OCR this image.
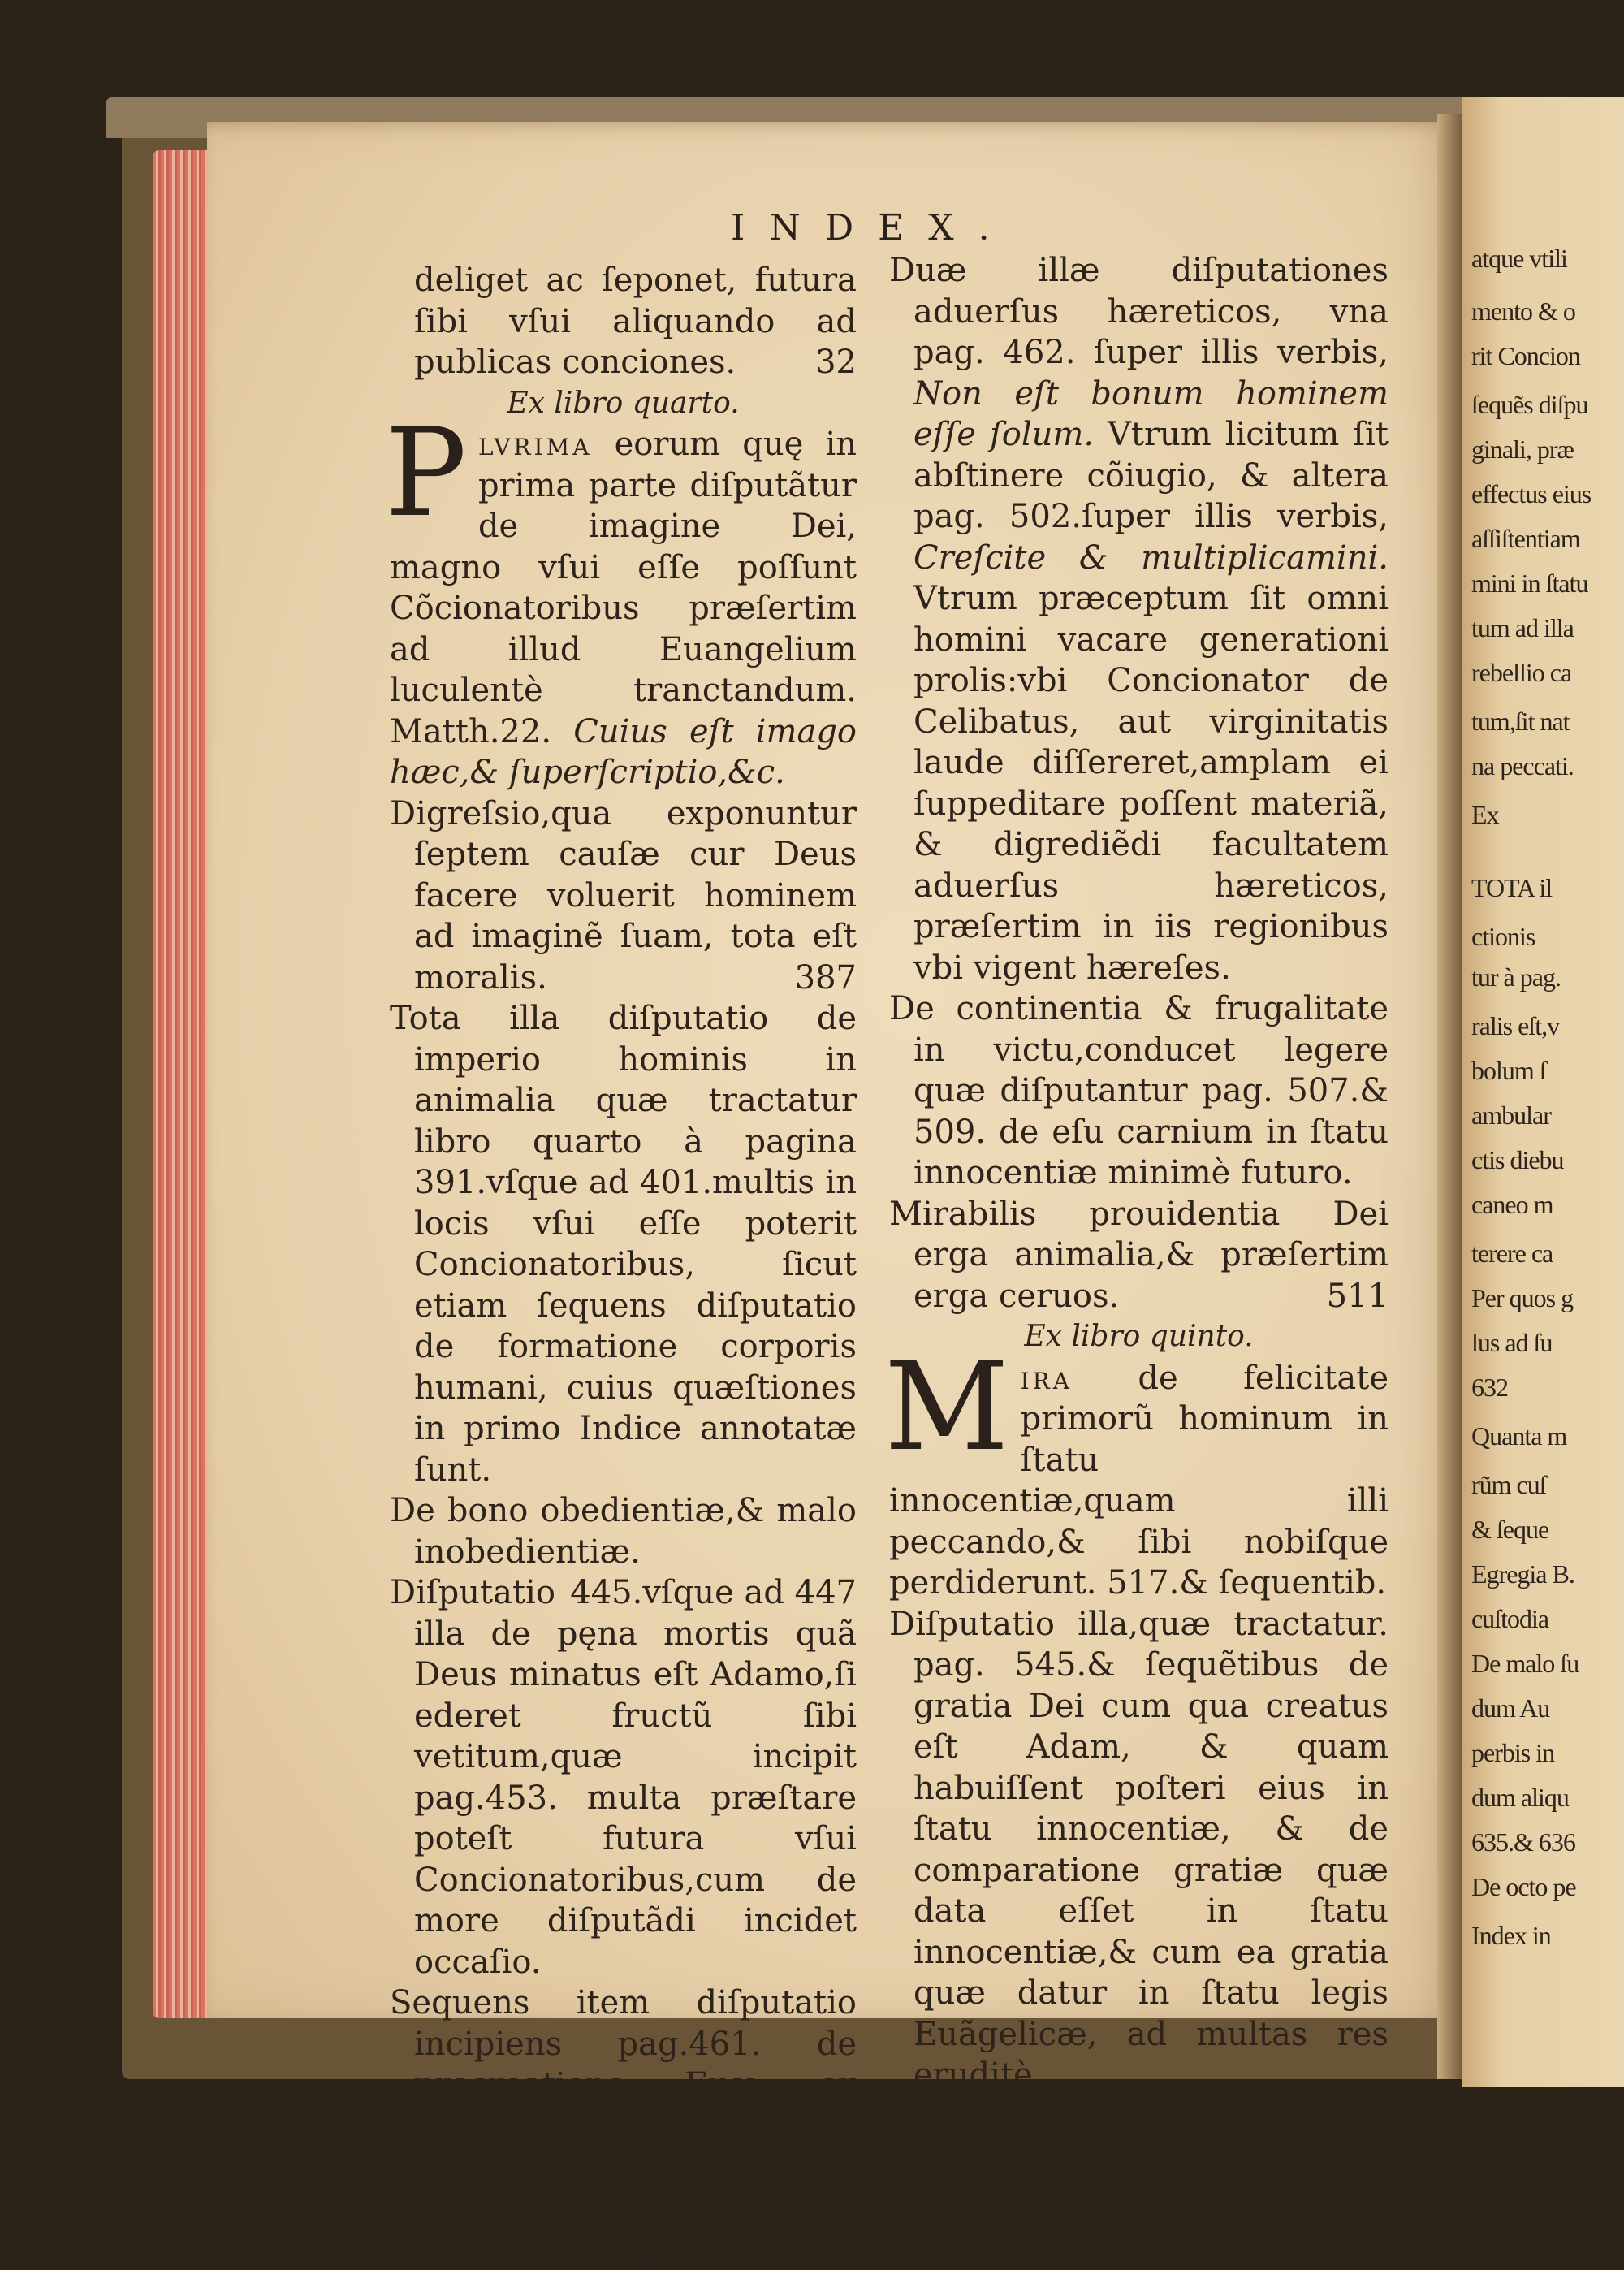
atque vtili
mento & o
rit Concion
ſequẽs diſpu
ginali, præ
effectus eius
aſſiſtentiam
mini in ſtatu
tum ad illa
rebellio ca
tum,ſit nat
na peccati.
Ex
TOTA il
ctionis
tur à pag.
ralis eſt,v
bolum ſ
ambular
ctis diebu
caneo m
terere ca
Per quos g
lus ad ſu
632
Quanta m
rũm cuſ
& ſeque
Egregia B.
cuſtodia
De malo ſu
dum Au
perbis in
dum aliqu
635.& 636
De octo pe
Index in
INDEX.

deliget ac ſeponet, futura ſibi vſui aliquando ad publicas conciones. 32

Ex libro quarto.

P lvrima eorum quę in prima parte diſputãtur de imagine Dei, magno vſui eſſe poſſunt Cõcionatoribus præſertim ad illud Euangelium luculentè tranctandum. Matth.22. Cuius eſt imago hæc,& ſuperſcriptio,&c.

Digreſsio,qua exponuntur ſeptem cauſæ cur Deus facere voluerit hominem ad imaginẽ ſuam, tota eſt moralis.	387

Tota illa diſputatio de imperio hominis in animalia quæ tractatur libro quarto à pagina 391.vſque ad 401.multis in locis vſui eſſe poterit Concionatoribus, ſicut etiam ſequens diſputatio de formatione corporis humani, cuius quæſtiones in primo Indice annotatæ ſunt.

De bono obedientiæ,& malo inobedientiæ.
445.vſque ad 447

Diſputatio illa de pęna mortis quã Deus minatus eſt Adamo,ſi ederet fructũ ſibi vetitum,quæ incipit pag.453. multa præſtare poteſt futura vſui Concionatoribus,cum de more diſputãdi incidet occaſio.

Sequens item diſputatio incipiens pag.461. de procreatione Euæ ex Adamo multa continet,quæ ad populares conciones vtiliter accommodari poſſunt.

Duæ illæ diſputationes aduerſus hæreticos, vna pag. 462. ſuper illis verbis, Non eſt bonum hominem eſſe ſolum. Vtrum licitum ſit abſtinere cõiugio, & altera pag. 502.ſuper illis verbis, Creſcite & multiplicamini. Vtrum præceptum ſit omni homini vacare generationi prolis:vbi Concionator de Celibatus, aut virginitatis laude diſſereret,amplam ei ſuppeditare poſſent materiã, & digrediẽdi facultatem aduerſus hæreticos, præſertim in iis regionibus vbi vigent hæreſes.

De continentia & frugalitate in victu,conducet legere quæ diſputantur pag. 507.& 509. de eſu carnium in ſtatu innocentiæ minimè futuro.

Mirabilis prouidentia Dei erga animalia,& præſertim erga ceruos.	511

Ex libro quinto.

M ira de felicitate primorũ hominum in ſtatu innocentiæ,quam illi peccando,& ſibi nobiſque perdiderunt. 517.& ſequentib.

Diſputatio illa,quæ tractatur. pag. 545.& ſequẽtibus de gratia Dei cum qua creatus eſt Adam, & quam habuiſſent poſteri eius in ſtatu innocentiæ, & de comparatione gratiæ quæ data eſſet in ſtatu innocentiæ,& cum ea gratia quæ datur in ſtatu legis Euãgelicæ, ad multas res eruditè

atque
